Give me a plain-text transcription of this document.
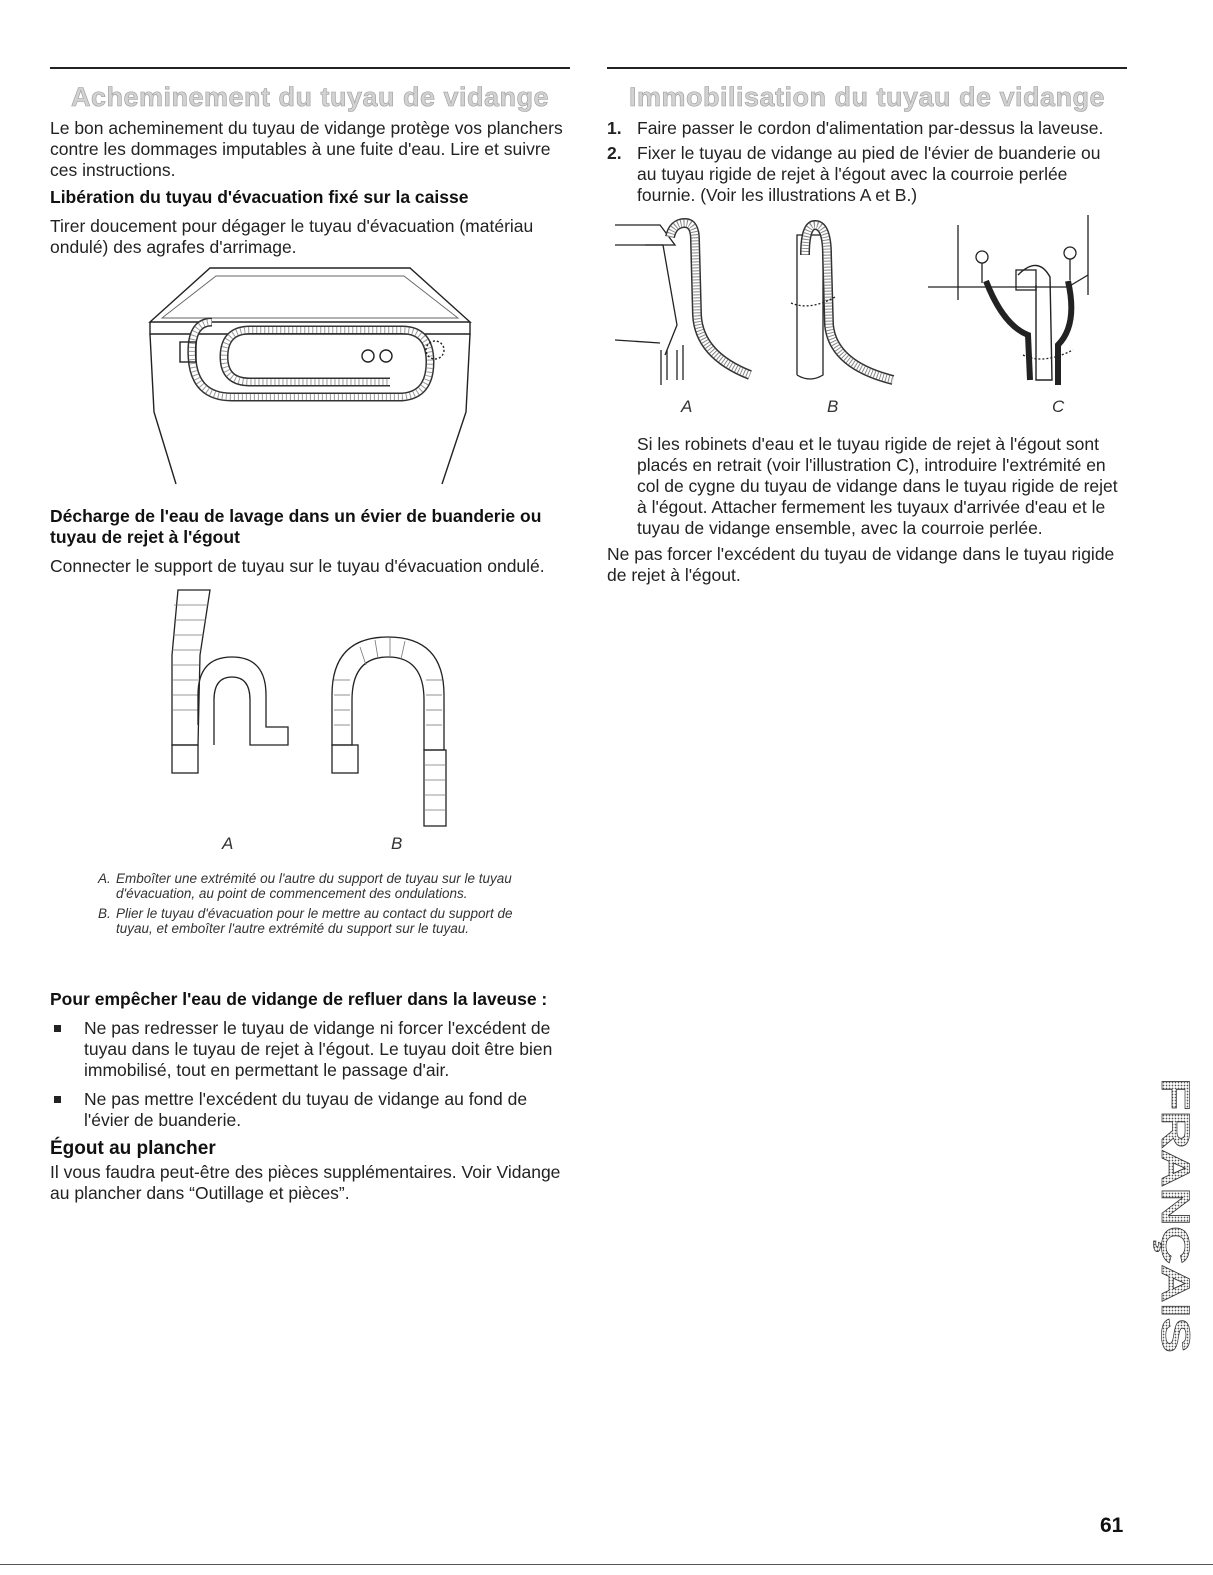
Acheminement du tuyau de vidange

Le bon acheminement du tuyau de vidange protège vos planchers contre les dommages imputables à une fuite d'eau. Lire et suivre ces instructions.

Libération du tuyau d'évacuation fixé sur la caisse

Tirer doucement pour dégager le tuyau d'évacuation (matériau ondulé) des agrafes d'arrimage.

Décharge de l'eau de lavage dans un évier de buanderie ou tuyau de rejet à l'égout

Connecter le support de tuyau sur le tuyau d'évacuation ondulé.

A	B
A. Emboîter une extrémité ou l'autre du support de tuyau sur le tuyau d'évacuation, au point de commencement des ondulations.
B. Plier le tuyau d'évacuation pour le mettre au contact du support de tuyau, et emboîter l'autre extrémité du support sur le tuyau.
Pour empêcher l'eau de vidange de refluer dans la laveuse :
Ne pas redresser le tuyau de vidange ni forcer l'excédent de tuyau dans le tuyau de rejet à l'égout. Le tuyau doit être bien immobilisé, tout en permettant le passage d'air.
Ne pas mettre l'excédent du tuyau de vidange au fond de l'évier de buanderie.
Égout au plancher

Il vous faudra peut-être des pièces supplémentaires. Voir Vidange au plancher dans “Outillage et pièces”.

Immobilisation du tuyau de vidange
1. Faire passer le cordon d'alimentation par-dessus la laveuse.
2. Fixer le tuyau de vidange au pied de l'évier de buanderie ou au tuyau rigide de rejet à l'égout avec la courroie perlée fournie. (Voir les illustrations A et B.)
A	B	C

Si les robinets d'eau et le tuyau rigide de rejet à l'égout sont placés en retrait (voir l'illustration C), introduire l'extrémité en col de cygne du tuyau de vidange dans le tuyau rigide de rejet à l'égout. Attacher fermement les tuyaux d'arrivée d'eau et le tuyau de vidange ensemble, avec la courroie perlée.

Ne pas forcer l'excédent du tuyau de vidange dans le tuyau rigide de rejet à l'égout.

FRANÇAIS
61
